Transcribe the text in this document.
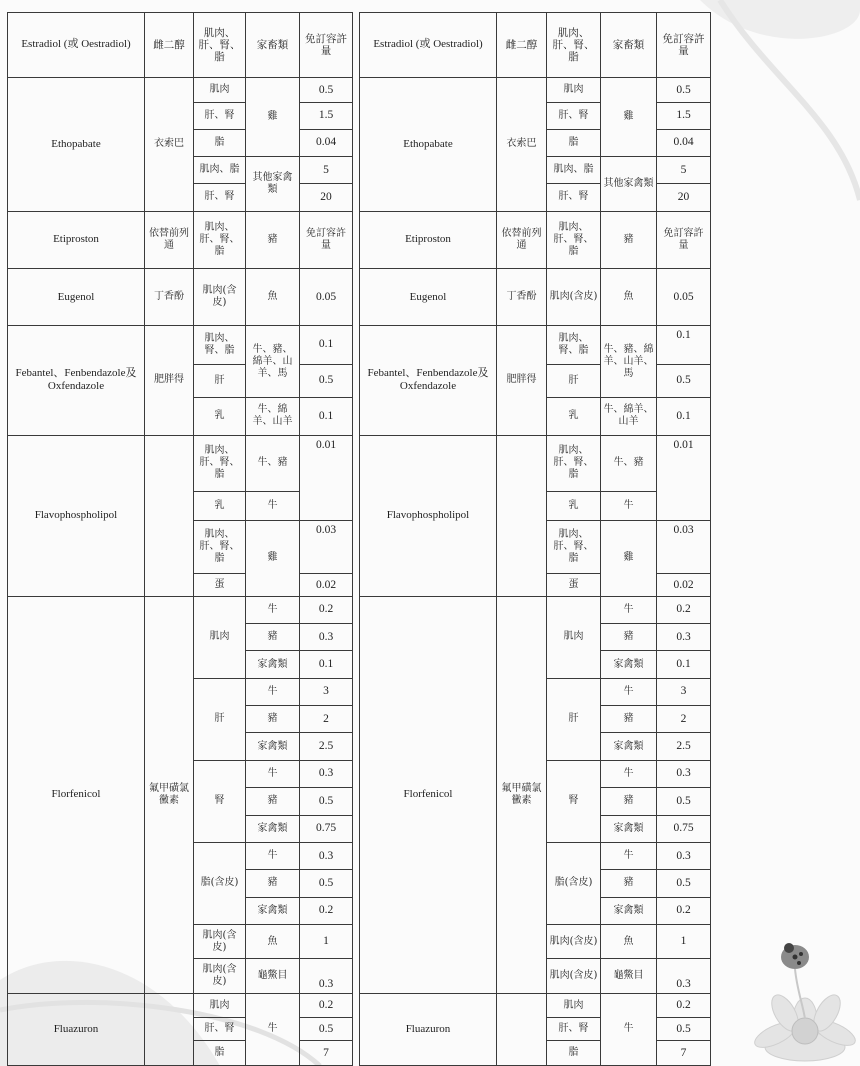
Estradiol (或 Oestradiol)	雌二醇	肌肉、肝、腎、脂	家畜類	免訂容許量
Ethopabate	衣索巴	肌肉	雞	0.5
		肝、腎		1.5
		脂		0.04
		肌肉、脂	其他家禽類	5
		肝、腎		20
Etiproston	依替前列通	肌肉、肝、腎、脂	豬	免訂容許量
Eugenol	丁香酚	肌肉(含皮)	魚	0.05
Febantel、Fenbendazole及 Oxfendazole	肥胖得	肌肉、腎、脂	牛、豬、綿羊、山羊、馬	0.1
		肝		0.5
		乳	牛、綿羊、山羊	0.1
Flavophospholipol		肌肉、肝、腎、脂	牛、豬	0.01
		乳	牛	
		肌肉、肝、腎、脂	雞	0.03
		蛋		0.02
Florfenicol	氟甲磺氯黴素	肌肉	牛	0.2
			豬	0.3
			家禽類	0.1
		肝	牛	3
			豬	2
			家禽類	2.5
		腎	牛	0.3
			豬	0.5
			家禽類	0.75
		脂(含皮)	牛	0.3
			豬	0.5
			家禽類	0.2
		肌肉(含皮)	魚	1
		肌肉(含皮)	龜鱉目	0.3
Fluazuron		肌肉	牛	0.2
		肝、腎		0.5
		脂		7
Estradiol (或 Oestradiol)	雌二醇	肌肉、肝、腎、脂	家畜類	免訂容許量
Ethopabate	衣索巴	肌肉	雞	0.5
		肝、腎		1.5
		脂		0.04
		肌肉、脂	其他家禽類	5
		肝、腎		20
Etiproston	依替前列通	肌肉、肝、腎、脂	豬	免訂容許量
Eugenol	丁香酚	肌肉(含皮)	魚	0.05
Febantel、Fenbendazole及 Oxfendazole	肥胖得	肌肉、腎、脂	牛、豬、綿羊、山羊、馬	0.1
		肝		0.5
		乳	牛、綿羊、山羊	0.1
Flavophospholipol		肌肉、肝、腎、脂	牛、豬	0.01
		乳	牛	
		肌肉、肝、腎、脂	雞	0.03
		蛋		0.02
Florfenicol	氟甲磺氯黴素	肌肉	牛	0.2
			豬	0.3
			家禽類	0.1
		肝	牛	3
			豬	2
			家禽類	2.5
		腎	牛	0.3
			豬	0.5
			家禽類	0.75
		脂(含皮)	牛	0.3
			豬	0.5
			家禽類	0.2
		肌肉(含皮)	魚	1
		肌肉(含皮)	龜鱉目	0.3
Fluazuron		肌肉	牛	0.2
		肝、腎		0.5
		脂		7
